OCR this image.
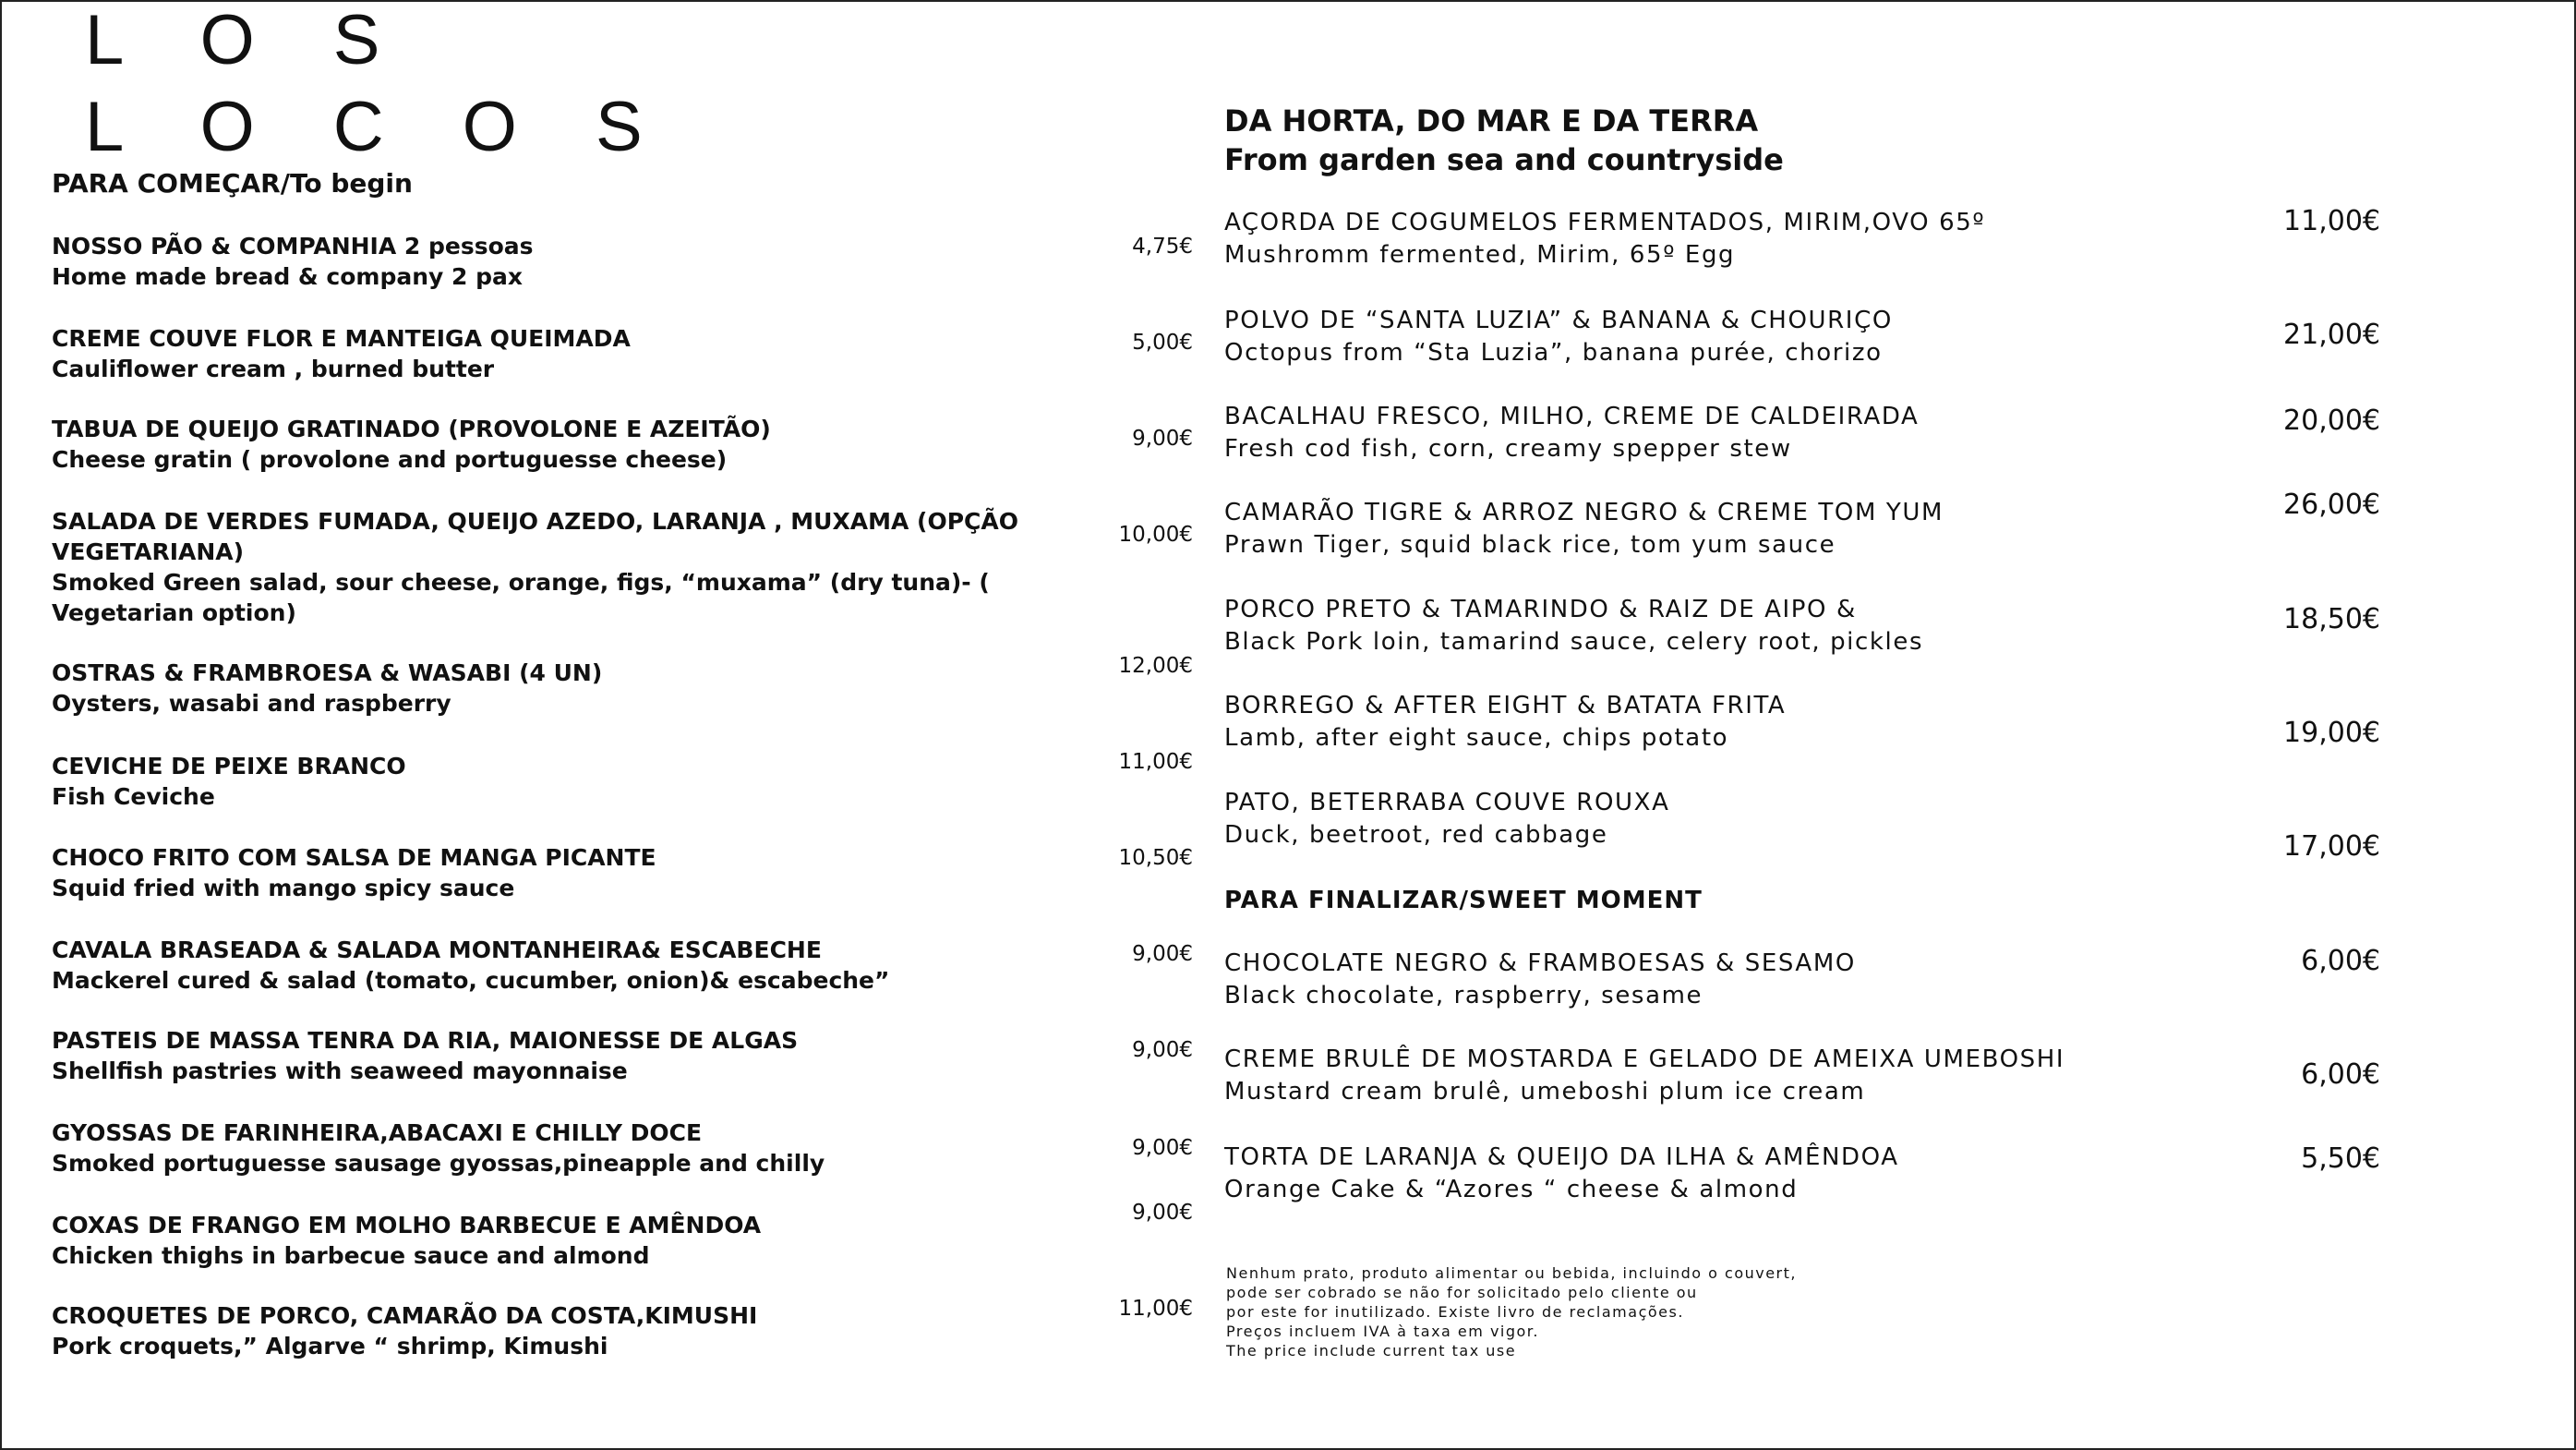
L O S
L O C O S
PARA COMEÇAR/To begin
NOSSO PÃO & COMPANHIA 2 pessoas
Home made bread & company 2 pax
4,75€
CREME COUVE FLOR E MANTEIGA QUEIMADA
Cauliflower cream , burned butter
5,00€
TABUA DE QUEIJO GRATINADO (PROVOLONE E AZEITÃO)
Cheese gratin ( provolone and portuguesse cheese)
9,00€
SALADA DE VERDES FUMADA, QUEIJO AZEDO, LARANJA , MUXAMA (OPÇÃO VEGETARIANA)
Smoked Green salad, sour cheese, orange, figs, “muxama” (dry tuna)- ( Vegetarian option)
10,00€
OSTRAS & FRAMBROESA & WASABI (4 UN)
Oysters, wasabi and raspberry
12,00€
CEVICHE DE PEIXE BRANCO
Fish Ceviche
11,00€
CHOCO FRITO COM SALSA DE MANGA PICANTE
Squid fried with mango spicy sauce
10,50€
CAVALA BRASEADA & SALADA MONTANHEIRA& ESCABECHE
Mackerel cured & salad (tomato, cucumber, onion)& escabeche”
9,00€
PASTEIS DE MASSA TENRA DA RIA, MAIONESSE DE ALGAS
Shellfish pastries with seaweed mayonnaise
9,00€
GYOSSAS DE FARINHEIRA,ABACAXI E CHILLY DOCE
Smoked portuguesse sausage gyossas,pineapple and chilly
9,00€
COXAS DE FRANGO EM MOLHO BARBECUE E AMÊNDOA
Chicken thighs in barbecue sauce and almond
9,00€
CROQUETES DE PORCO, CAMARÃO DA COSTA,KIMUSHI
Pork croquets,” Algarve “ shrimp, Kimushi
11,00€
DA HORTA, DO MAR E DA TERRA
From garden sea and countryside
AÇORDA DE COGUMELOS FERMENTADOS, MIRIM,OVO 65º
Mushromm fermented, Mirim, 65º Egg
11,00€
POLVO DE “SANTA LUZIA” & BANANA & CHOURIÇO
Octopus from “Sta Luzia”, banana purée, chorizo
21,00€
BACALHAU FRESCO, MILHO, CREME DE CALDEIRADA
Fresh cod fish, corn, creamy spepper stew
20,00€
CAMARÃO TIGRE & ARROZ NEGRO & CREME TOM YUM
Prawn Tiger, squid black rice, tom yum sauce
26,00€
PORCO PRETO & TAMARINDO & RAIZ DE AIPO &
Black Pork loin, tamarind sauce, celery root, pickles
18,50€
BORREGO & AFTER EIGHT & BATATA FRITA
Lamb, after eight sauce, chips potato	19,00€
PATO, BETERRABA COUVE ROUXA
Duck, beetroot, red cabbage	17,00€
PARA FINALIZAR/SWEET MOMENT
CHOCOLATE NEGRO & FRAMBOESAS & SESAMO
Black chocolate, raspberry, sesame
6,00€
CREME BRULÊ DE MOSTARDA E GELADO DE AMEIXA UMEBOSHI
Mustard cream brulê, umeboshi plum ice cream
6,00€
TORTA DE LARANJA & QUEIJO DA ILHA & AMÊNDOA
Orange Cake & “Azores “ cheese & almond
5,50€
Nenhum prato, produto alimentar ou bebida, incluindo o couvert,
pode ser cobrado se não for solicitado pelo cliente ou
por este for inutilizado. Existe livro de reclamações.
Preços incluem IVA à taxa em vigor.
The price include current tax use
